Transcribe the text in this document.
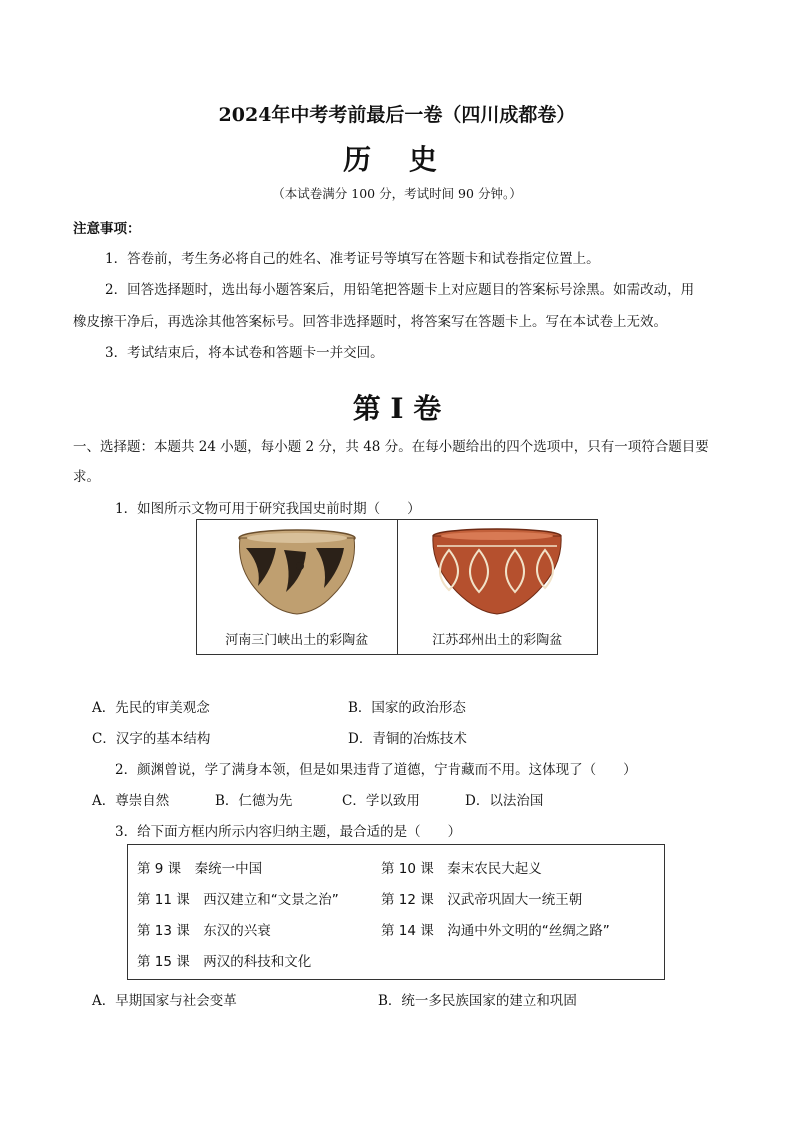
2024年中考考前最后一卷（四川成都卷）
历 史
（本试卷满分 100 分，考试时间 90 分钟。）
注意事项：
1．答卷前，考生务必将自己的姓名、准考证号等填写在答题卡和试卷指定位置上。
2．回答选择题时，选出每小题答案后，用铅笔把答题卡上对应题目的答案标号涂黑。如需改动，用
橡皮擦干净后，再选涂其他答案标号。回答非选择题时，将答案写在答题卡上。写在本试卷上无效。
3．考试结束后，将本试卷和答题卡一并交回。
第 I 卷
一、选择题：本题共 24 小题，每小题 2 分，共 48 分。在每小题给出的四个选项中，只有一项符合题目要
求。
1．如图所示文物可用于研究我国史前时期（　　）
河南三门峡出土的彩陶盆	江苏邳州出土的彩陶盆
A．先民的审美观念	B．国家的政治形态
C．汉字的基本结构	D．青铜的冶炼技术
2．颜渊曾说，学了满身本领，但是如果违背了道德，宁肯藏而不用。这体现了（　　）
A．尊崇自然	B．仁德为先	C．学以致用	D．以法治国
3．给下面方框内所示内容归纳主题，最合适的是（　　）
第 9 课　秦统一中国	第 10 课　秦末农民大起义
第 11 课　西汉建立和“文景之治”	第 12 课　汉武帝巩固大一统王朝
第 13 课　东汉的兴衰	第 14 课　沟通中外文明的“丝绸之路”
第 15 课　两汉的科技和文化
A．早期国家与社会变革	B．统一多民族国家的建立和巩固
